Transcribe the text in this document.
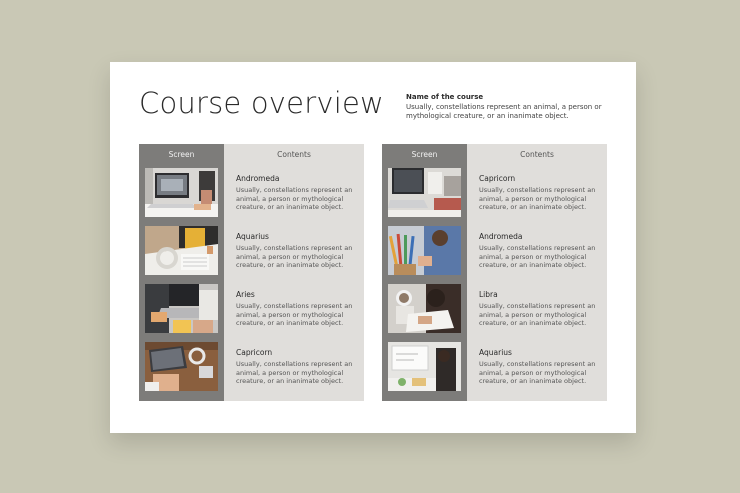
Course overview	Name of the course
Usually, constellations represent an animal, a person or mythological creature, or an inanimate object.
Screen	Contents
Andromeda
Usually, constellations represent an animal, a person or mythological creature, or an inanimate object.
Aquarius
Usually, constellations represent an animal, a person or mythological creature, or an inanimate object.
Aries
Usually, constellations represent an animal, a person or mythological creature, or an inanimate object.
Capricorn
Usually, constellations represent an animal, a person or mythological creature, or an inanimate object.
Screen	Contents
Capricorn
Usually, constellations represent an animal, a person or mythological creature, or an inanimate object.
Andromeda
Usually, constellations represent an animal, a person or mythological creature, or an inanimate object.
Libra
Usually, constellations represent an animal, a person or mythological creature, or an inanimate object.
Aquarius
Usually, constellations represent an animal, a person or mythological creature, or an inanimate object.
